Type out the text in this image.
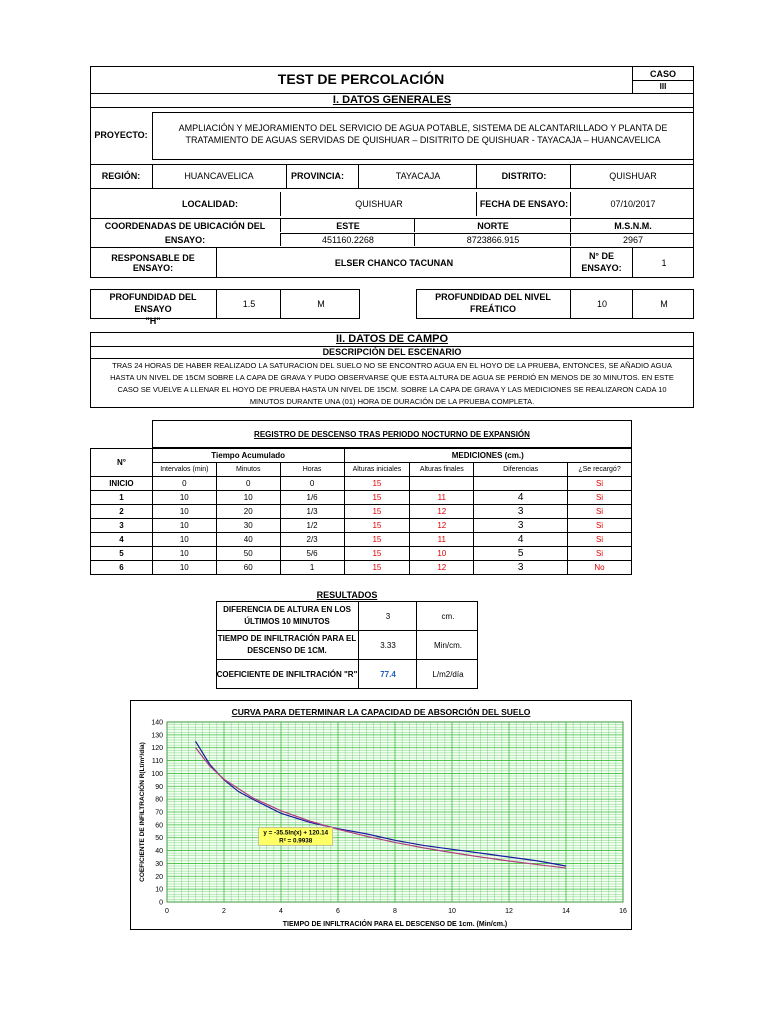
TEST DE PERCOLACIÓN	CASO
III
I. DATOS GENERALES
PROYECTO:
AMPLIACIÓN Y MEJORAMIENTO DEL SERVICIO DE AGUA POTABLE, SISTEMA DE ALCANTARILLADO Y PLANTA DE
TRATAMIENTO DE AGUAS SERVIDAS DE QUISHUAR – DISITRITO DE QUISHUAR - TAYACAJA – HUANCAVELICA
REGIÓN:	HUANCAVELICA	PROVINCIA:	TAYACAJA	DISTRITO:	QUISHUAR
LOCALIDAD:	QUISHUAR	FECHA DE ENSAYO:	07/10/2017
COORDENADAS DE UBICACIÓN DEL
ENSAYO:
ESTE	NORTE	M.S.N.M.
451160.2268	8723866.915	2967
RESPONSABLE DE ENSAYO:	ELSER CHANCO TACUNAN
N° DE
ENSAYO:
1
PROFUNDIDAD DEL ENSAYO
"H"
1.5	M
PROFUNDIDAD DEL NIVEL
FREÁTICO	10	M
II. DATOS DE CAMPO
DESCRIPCIÓN DEL ESCENARIO
TRAS 24 HORAS DE HABER REALIZADO LA SATURACION DEL SUELO NO SE ENCONTRO AGUA EN EL HOYO DE LA PRUEBA, ENTONCES, SE AÑADIO AGUA
HASTA UN NIVEL DE 15CM SOBRE LA CAPA DE GRAVA Y PUDO OBSERVARSE QUE ESTA ALTURA DE AGUA SE PERDIÓ EN MENOS DE 30 MINUTOS. EN ESTE
CASO SE VUELVE A LLENAR EL HOYO DE PRUEBA HASTA UN NIVEL DE 15CM. SOBRE LA CAPA DE GRAVA Y LAS MEDICIONES SE REALIZARON CADA 10
MINUTOS DURANTE UNA (01) HORA DE DURACIÓN DE LA PRUEBA COMPLETA.
REGISTRO DE DESCENSO TRAS PERIODO NOCTURNO DE EXPANSIÓN
N°	Tiempo Acumulado			MEDICIONES (cm.)			
	Intervalos (min)	Minutos	Horas	Alturas iniciales	Alturas finales	Diferencias	¿Se recargó?
INICIO	0	0	0	15			Si
1	10	10	1/6	15	11	4	Si
2	10	20	1/3	15	12	3	Si
3	10	30	1/2	15	12	3	Si
4	10	40	2/3	15	11	4	Si
5	10	50	5/6	15	10	5	Si
6	10	60	1	15	12	3	No
RESULTADOS
DIFERENCIA DE ALTURA EN LOS
ÚLTIMOS 10 MINUTOS
3	cm.
TIEMPO DE INFILTRACIÓN PARA EL
DESCENSO DE 1CM.
3.33	Min/cm.
COEFICIENTE DE INFILTRACIÓN "R"	77.4	L/m2/día
CURVA PARA DETERMINAR LA CAPACIDAD DE ABSORCIÓN DEL SUELO
0	2	4	6	8	10	12	14	16
0
10
20
30
40
50
60
70
80
90
100
110
120
130
140
TIEMPO DE INFILTRACIÓN PARA EL DESCENSO DE 1cm. (Min/cm.)
COEFICIENTE DE INFILTRACIÓN R(Lt/m²/día)	y = -35.5ln(x) + 120.14
R² = 0.9938
